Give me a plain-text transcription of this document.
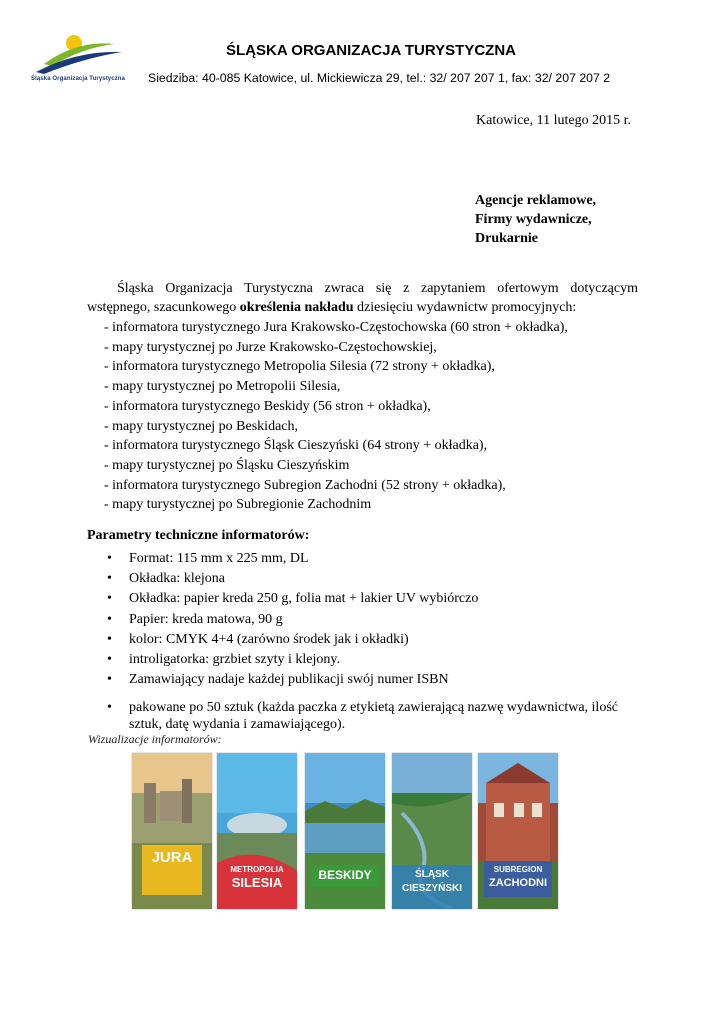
Śląska Organizacja Turystyczna
ŚLĄSKA ORGANIZACJA TURYSTYCZNA
Siedziba: 40-085 Katowice, ul. Mickiewicza 29, tel.: 32/ 207 207 1, fax: 32/ 207 207 2
Katowice, 11 lutego 2015 r.
Agencje reklamowe,
Firmy wydawnicze,
Drukarnie
Śląska Organizacja Turystyczna zwraca się z zapytaniem ofertowym dotyczącym wstępnego, szacunkowego określenia nakładu dziesięciu wydawnictw promocyjnych:
- informatora turystycznego Jura Krakowsko-Częstochowska (60 stron + okładka),
- mapy turystycznej po Jurze Krakowsko-Częstochowskiej,
- informatora turystycznego Metropolia Silesia (72 strony + okładka),
- mapy turystycznej po Metropolii Silesia,
- informatora turystycznego Beskidy (56 stron + okładka),
- mapy turystycznej po Beskidach,
- informatora turystycznego Śląsk Cieszyński (64 strony + okładka),
- mapy turystycznej po Śląsku Cieszyńskim
- informatora turystycznego Subregion Zachodni (52 strony + okładka),
- mapy turystycznej po Subregionie Zachodnim
Parametry techniczne informatorów:
• Format: 115 mm x 225 mm, DL
• Okładka: klejona
• Okładka: papier kreda 250 g, folia mat + lakier UV wybiórczo
• Papier: kreda matowa, 90 g
• kolor: CMYK 4+4 (zarówno środek jak i okładki)
• introligatorka: grzbiet szyty i klejony.
• Zamawiający nadaje każdej publikacji swój numer ISBN
• pakowane po 50 sztuk (każda paczka z etykietą zawierającą nazwę wydawnictwa, ilość sztuk, datę wydania i zamawiającego).
Wizualizacje informatorów:
JURA
METROPOLIA
SILESIA	BESKIDY	ŚLĄSK
CIESZYŃSKI
SUBREGION
ZACHODNI
